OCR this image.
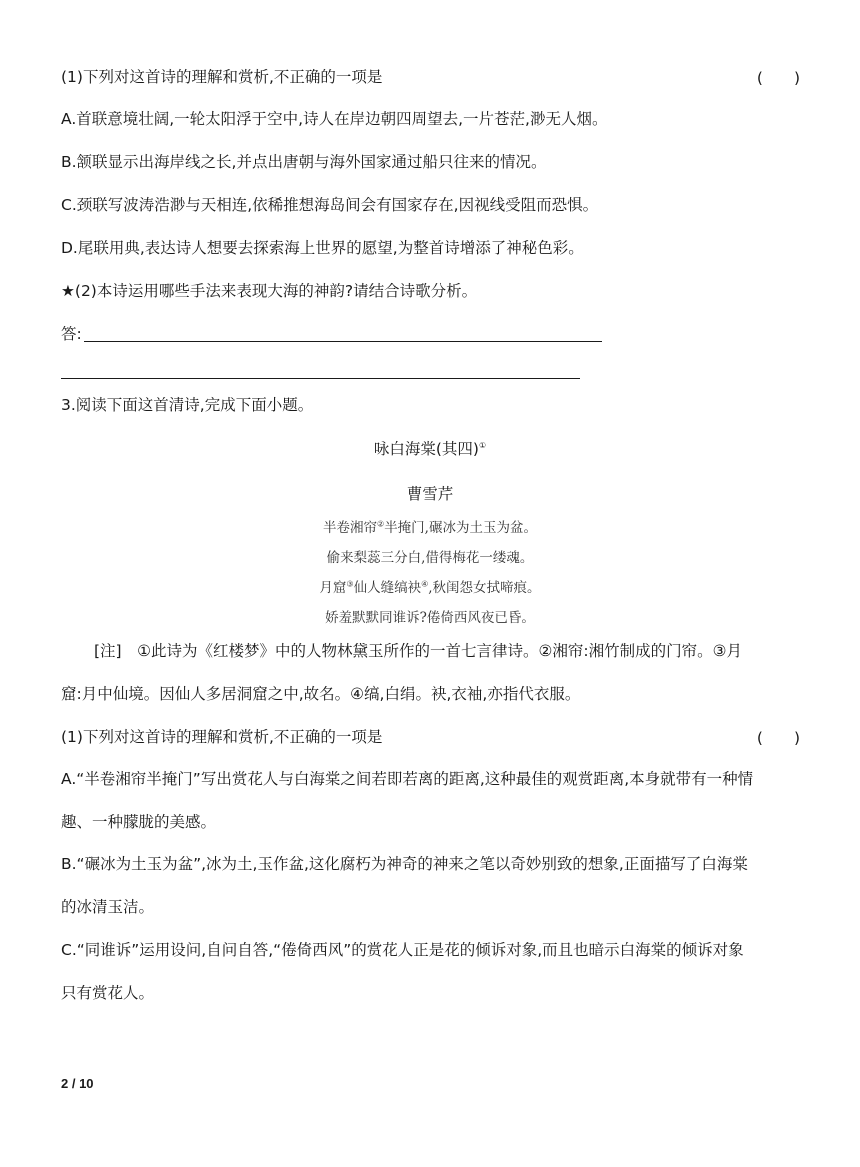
(1)下列对这首诗的理解和赏析,不正确的一项是	(　　)
A.首联意境壮阔,一轮太阳浮于空中,诗人在岸边朝四周望去,一片苍茫,渺无人烟。
B.颔联显示出海岸线之长,并点出唐朝与海外国家通过船只往来的情况。
C.颈联写波涛浩渺与天相连,依稀推想海岛间会有国家存在,因视线受阻而恐惧。
D.尾联用典,表达诗人想要去探索海上世界的愿望,为整首诗增添了神秘色彩。
★(2)本诗运用哪些手法来表现大海的神韵?请结合诗歌分析。
答:
3.阅读下面这首清诗,完成下面小题。
咏白海棠(其四)①
曹雪芹
半卷湘帘②半掩门,碾冰为土玉为盆。
偷来梨蕊三分白,借得梅花一缕魂。
月窟③仙人缝缟袂④,秋闺怨女拭啼痕。
娇羞默默同谁诉?倦倚西风夜已昏。
[注]　①此诗为《红楼梦》中的人物林黛玉所作的一首七言律诗。②湘帘:湘竹制成的门帘。③月
窟:月中仙境。因仙人多居洞窟之中,故名。④缟,白绢。袂,衣袖,亦指代衣服。
(1)下列对这首诗的理解和赏析,不正确的一项是	(　　)
A.“半卷湘帘半掩门”写出赏花人与白海棠之间若即若离的距离,这种最佳的观赏距离,本身就带有一种情
趣、一种朦胧的美感。
B.“碾冰为土玉为盆”,冰为土,玉作盆,这化腐朽为神奇的神来之笔以奇妙别致的想象,正面描写了白海棠
的冰清玉洁。
C.“同谁诉”运用设问,自问自答,“倦倚西风”的赏花人正是花的倾诉对象,而且也暗示白海棠的倾诉对象
只有赏花人。
2 / 10
